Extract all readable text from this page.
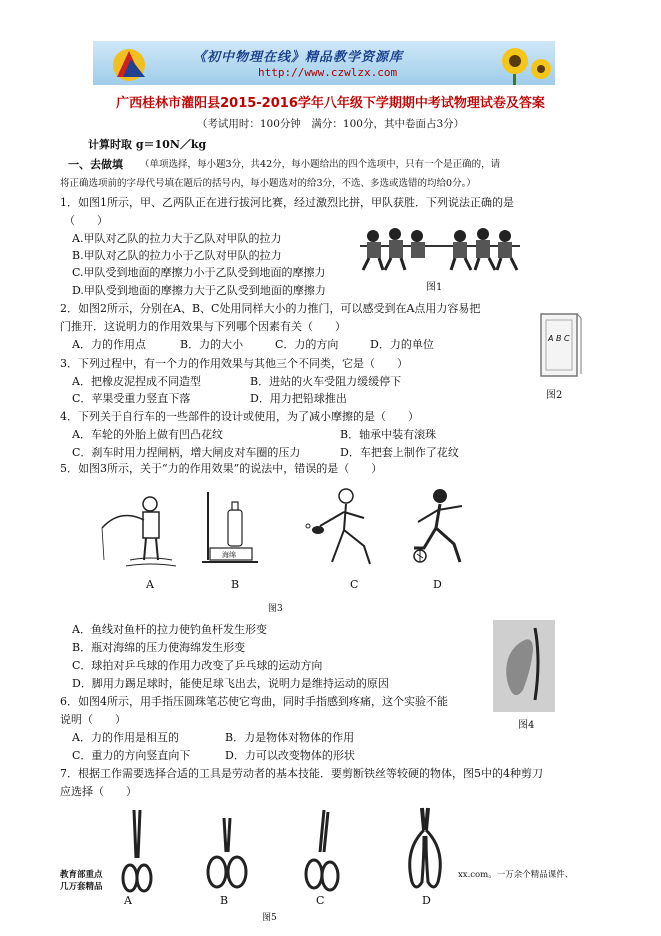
《初中物理在线》精品教学资源库
http://www.czwlzx.com
广西桂林市灌阳县2015-2016学年八年级下学期期中考试物理试卷及答案
（考试用时：100分钟　满分：100分，其中卷面占3分）
计算时取 g＝10N／kg
一、去做填 （单项选择，每小题3分，共42分，每小题给出的四个选项中，只有一个是正确的，请
将正确选项前的字母代号填在题后的括号内，每小题选对的给3分，不选、多选或选错的均给0分。）
1．如图1所示，甲、乙两队正在进行拔河比赛，经过激烈比拼，甲队获胜．下列说法正确的是
（　　）
A.甲队对乙队的拉力大于乙队对甲队的拉力
B.甲队对乙队的拉力小于乙队对甲队的拉力
C.甲队受到地面的摩擦力小于乙队受到地面的摩擦力
D.甲队受到地面的摩擦力大于乙队受到地面的摩擦力	图1
2．如图2所示，分别在A、B、C处用同样大小的力推门，可以感受到在A点用力容易把
门推开．这说明力的作用效果与下列哪个因素有关（　　）
A．力的作用点	B．力的大小	C．力的方向	D．力的单位	A B C
图2
3．下列过程中，有一个力的作用效果与其他三个不同类，它是（　　）
A．把橡皮泥捏成不同造型	B．进站的火车受阻力缓缓停下
C．苹果受重力竖直下落	D．用力把铅球推出
4．下列关于自行车的一些部件的设计或使用，为了减小摩擦的是（　　）
A．车轮的外胎上做有凹凸花纹	B．轴承中装有滚珠
C．刹车时用力捏闸柄，增大闸皮对车圈的压力	D．车把套上制作了花纹
5．如图3所示，关于“力的作用效果”的说法中，错误的是（　　）
海绵
A	B	C	D
图3
A．鱼线对鱼杆的拉力使钓鱼杆发生形变
B．瓶对海绵的压力使海绵发生形变
C．球拍对乒乓球的作用力改变了乒乓球的运动方向
D．脚用力踢足球时，能使足球飞出去，说明力是维持运动的原因
图4
6．如图4所示，用手指压圆珠笔芯使它弯曲，同时手指感到疼痛，这个实验不能
说明（　　）
A．力的作用是相互的	B．力是物体对物体的作用
C．重力的方向竖直向下	D．力可以改变物体的形状
7．根据工作需要选择合适的工具是劳动者的基本技能．要剪断铁丝等较硬的物体，图5中的4种剪刀
应选择（　　）
A	B	C	D
图5
教育部重点
几万套精品
xx.com。一万余个精品课件、
